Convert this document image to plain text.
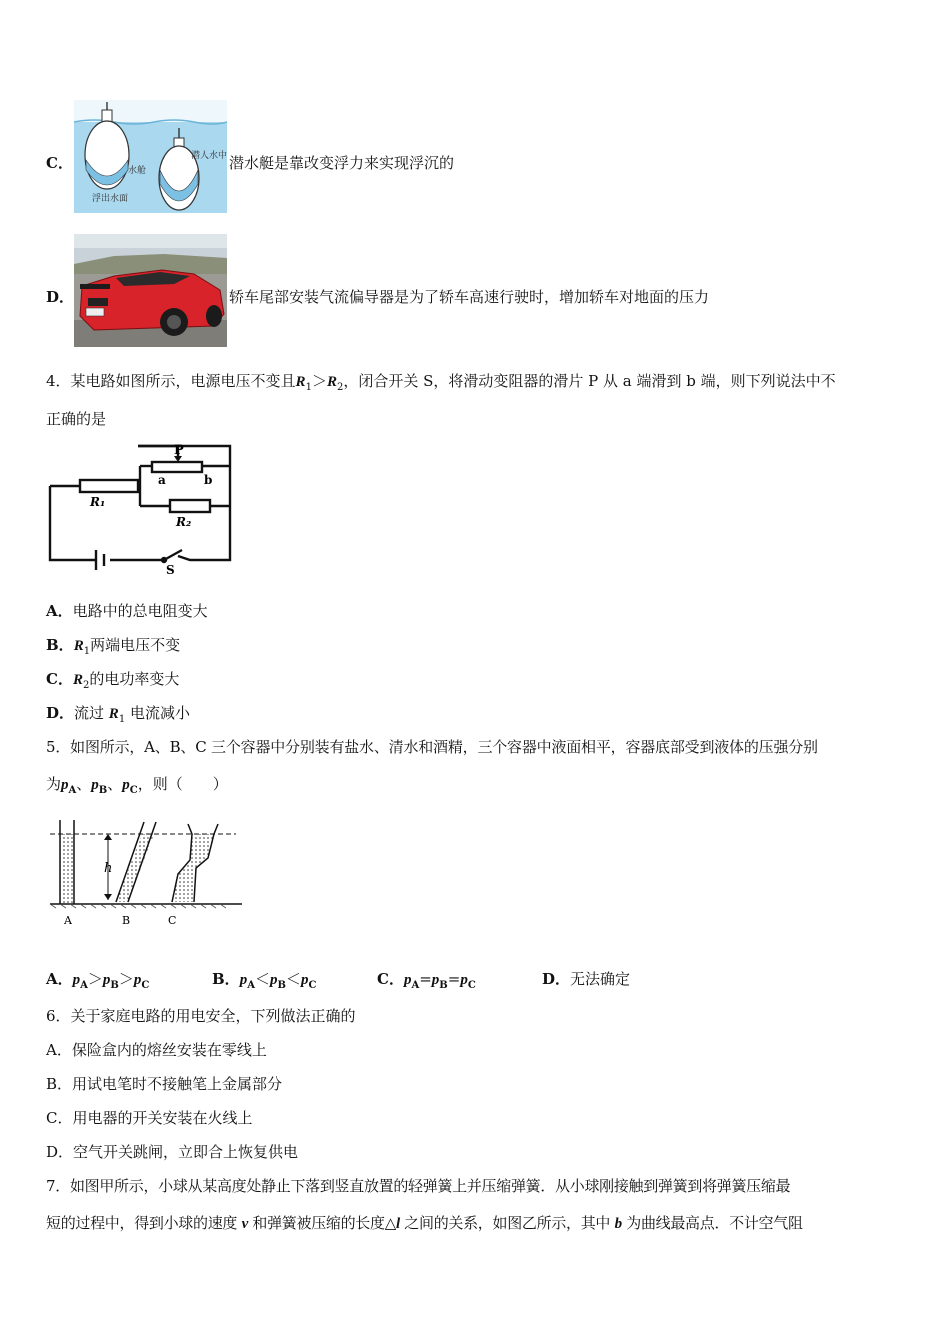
C．	潜人水中
水舱
浮出水面
潜水艇是靠改变浮力来实现浮沉的
D．	轿车尾部安装气流偏导器是为了轿车高速行驶时，增加轿车对地面的压力
4．某电路如图所示，电源电压不变且$R_1>R_2$，闭合开关 S，将滑动变阻器的滑片 P 从 a 端滑到 b 端，则下列说法中不
正确的是
P
a	b
R₁
R₂
S
A．电路中的总电阻变大
B．$R_1$两端电压不变
C．$R_2$的电功率变大
D．流过 $R_1$ 电流减小
5．如图所示，A、B、C 三个容器中分别装有盐水、清水和酒精，三个容器中液面相平，容器底部受到液体的压强分别
为$p_A$、$p_B$、$p_C$，则（　　）
h
A	B	C
A．$p_A>p_B>p_C$	B．$p_A<p_B<p_C$	C．$p_A=p_B=p_C$	D．无法确定
6．关于家庭电路的用电安全，下列做法正确的
A．保险盒内的熔丝安装在零线上
B．用试电笔时不接触笔上金属部分
C．用电器的开关安装在火线上
D．空气开关跳闸，立即合上恢复供电
7．如图甲所示，小球从某高度处静止下落到竖直放置的轻弹簧上并压缩弹簧．从小球刚接触到弹簧到将弹簧压缩最
短的过程中，得到小球的速度 v 和弹簧被压缩的长度△l 之间的关系，如图乙所示，其中 b 为曲线最高点．不计空气阻
